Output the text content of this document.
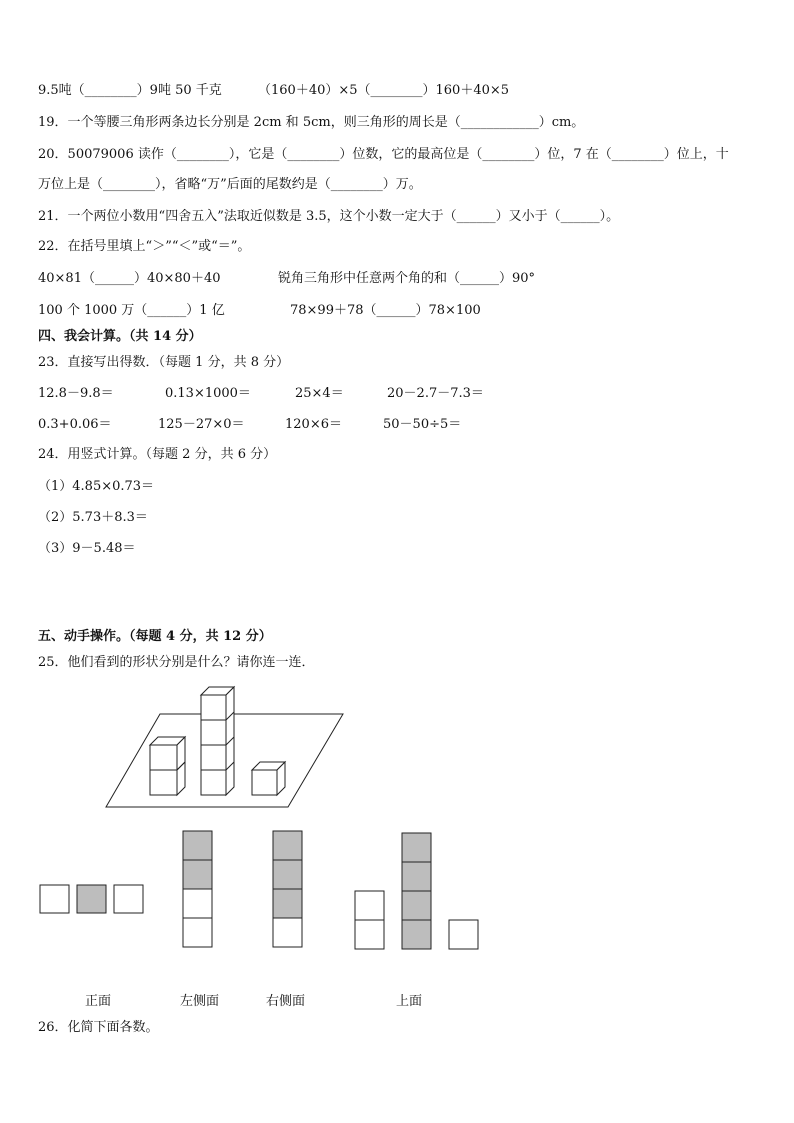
9.5吨（________）9吨 50 千克	（160＋40）×5（________）160＋40×5
19．一个等腰三角形两条边长分别是 2cm 和 5cm，则三角形的周长是（____________）cm。
20．50079006 读作（________），它是（________）位数，它的最高位是（________）位，7 在（________）位上，十
万位上是（________），省略“万”后面的尾数约是（________）万。
21．一个两位小数用“四舍五入”法取近似数是 3.5，这个小数一定大于（______）又小于（______）。
22．在括号里填上“＞”“＜”或“＝”。
40×81（______）40×80＋40	锐角三角形中任意两个角的和（______）90°
100 个 1000 万（______）1 亿	78×99＋78（______）78×100
四、我会计算。（共 14 分）
23．直接写出得数．（每题 1 分，共 8 分）
12.8－9.8＝	0.13×1000＝	25×4＝	20－2.7－7.3＝
0.3+0.06＝	125－27×0＝	120×6＝	50－50÷5＝
24．用竖式计算。（每题 2 分，共 6 分）
（1）4.85×0.73＝
（2）5.73＋8.3＝
（3）9－5.48＝
五、动手操作。（每题 4 分，共 12 分）
25．他们看到的形状分别是什么？请你连一连．
正面	左侧面	右侧面	上面
26．化简下面各数。
